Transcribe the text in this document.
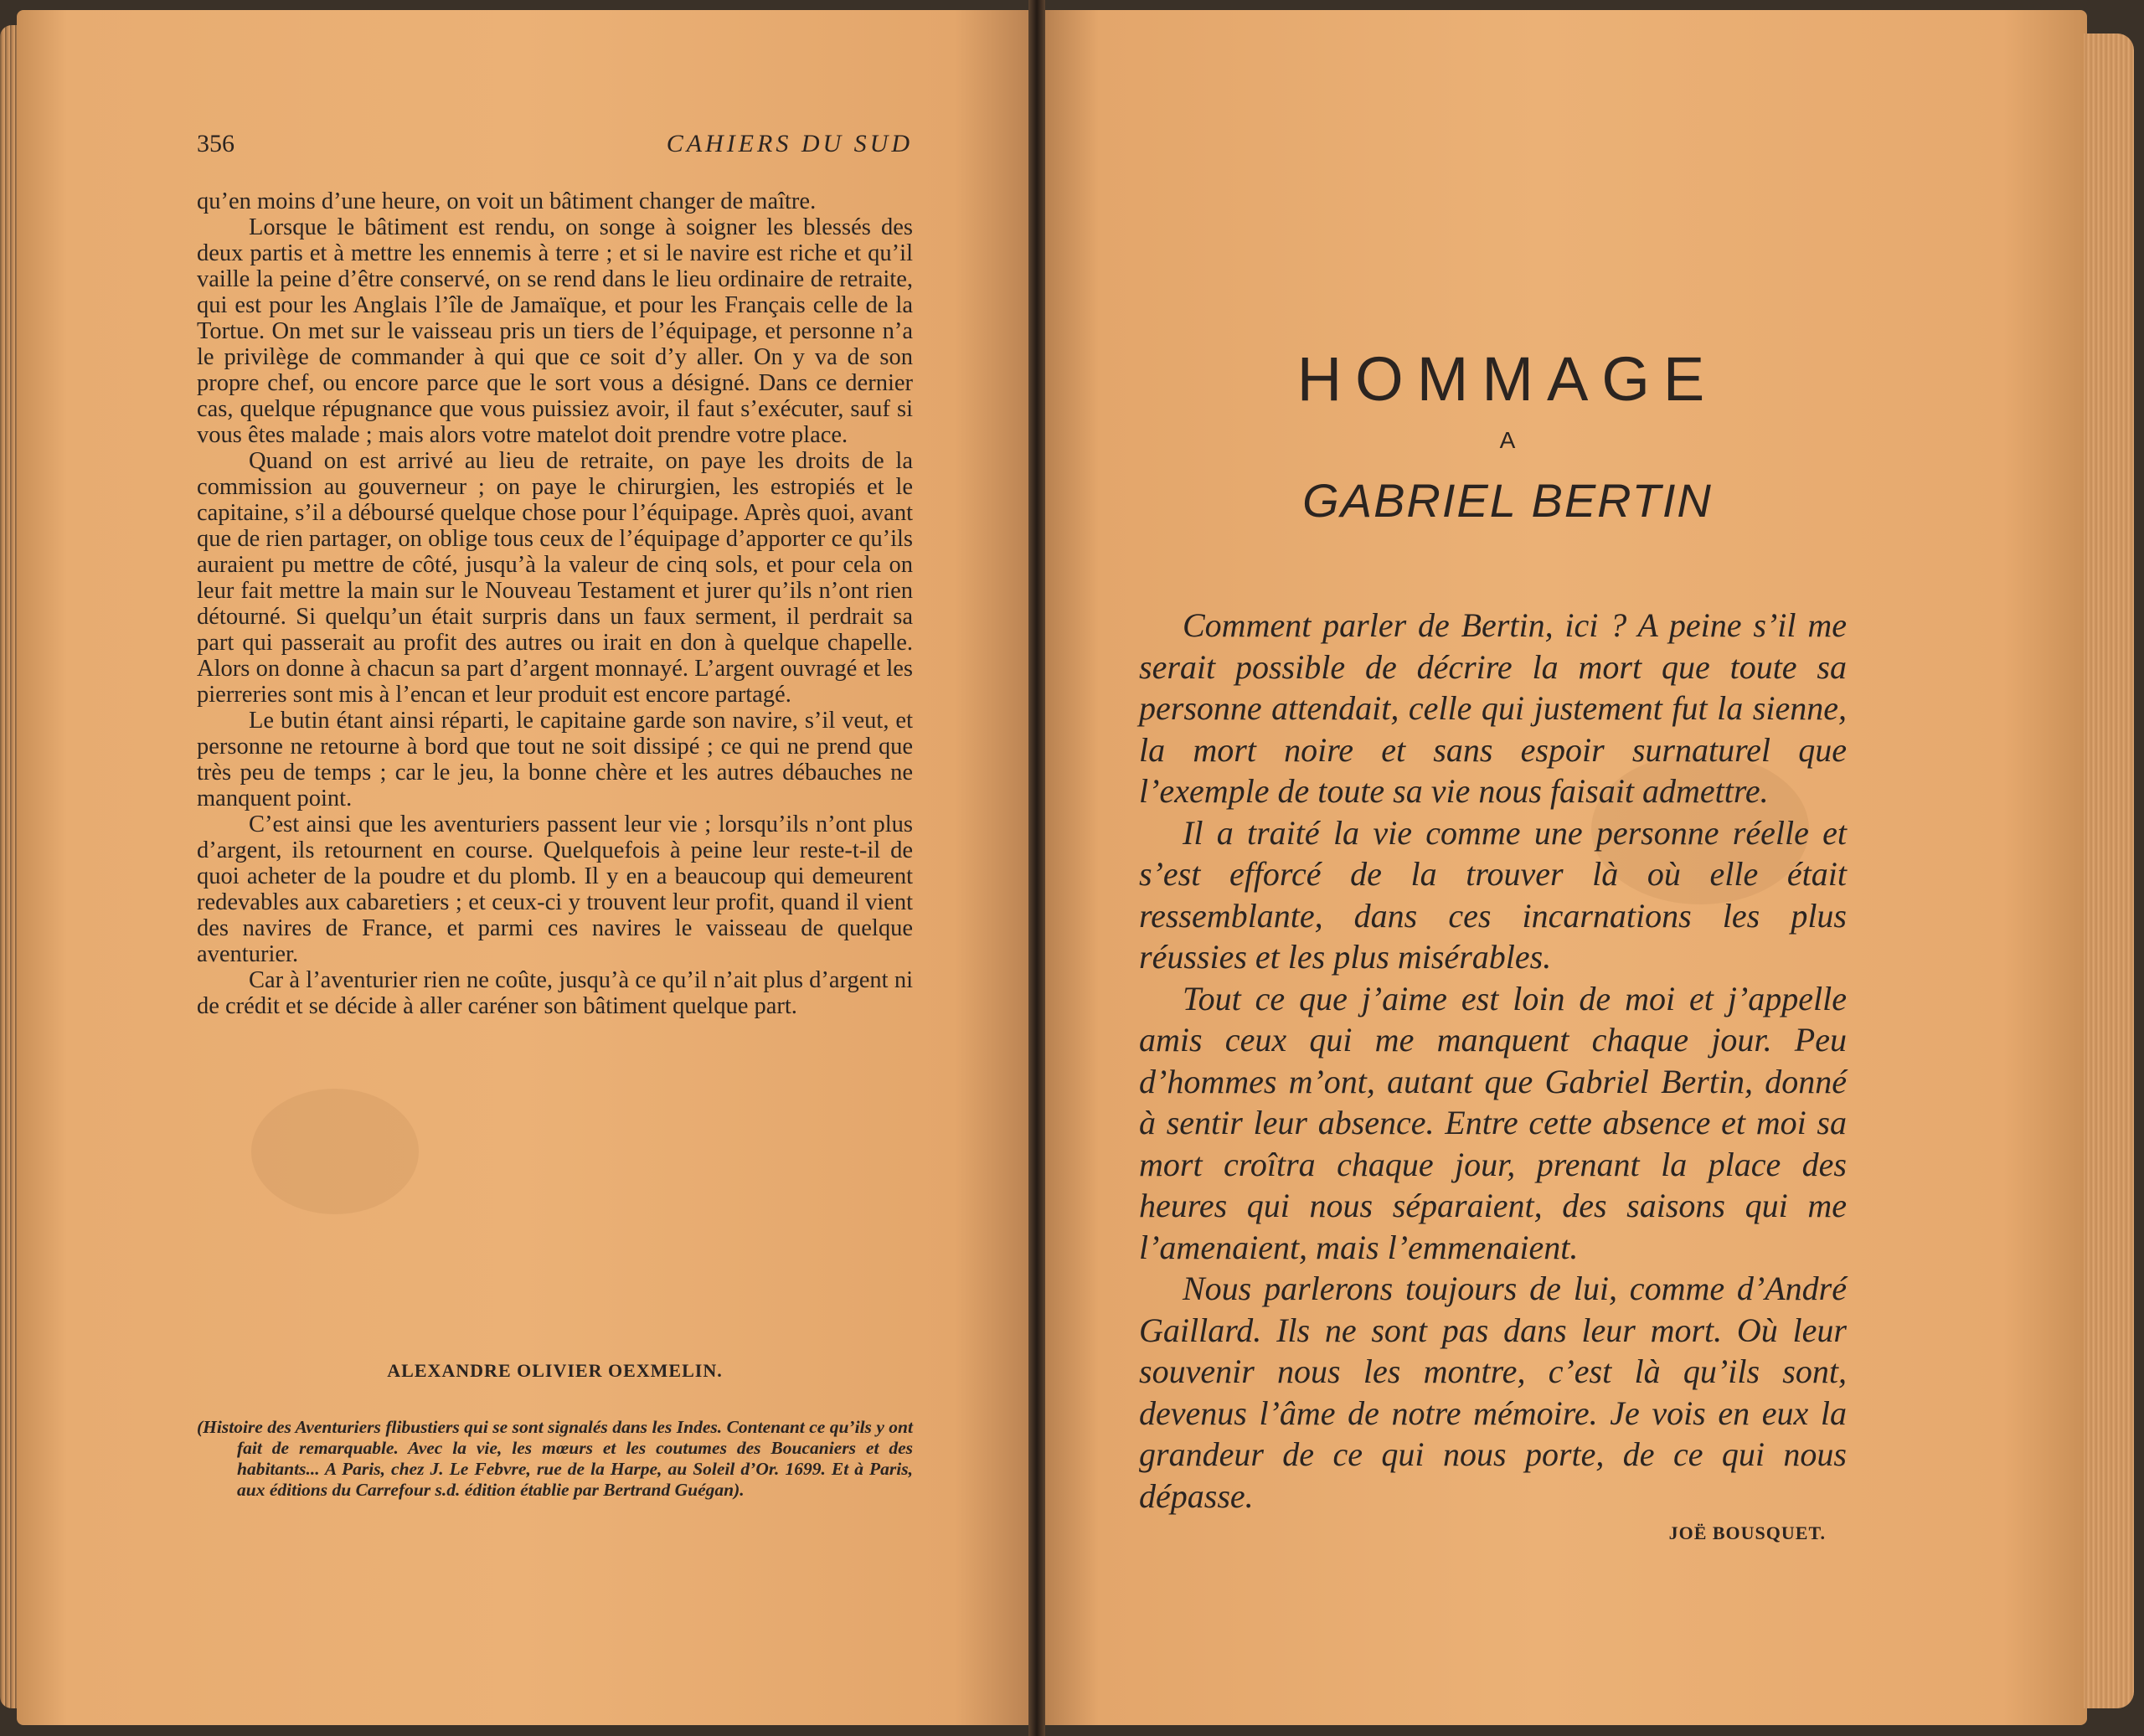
356	CAHIERS DU SUD

qu’en moins d’une heure, on voit un bâtiment changer de maître.

Lorsque le bâtiment est rendu, on songe à soigner les blessés des deux partis et à mettre les ennemis à terre ; et si le navire est riche et qu’il vaille la peine d’être conservé, on se rend dans le lieu ordinaire de retraite, qui est pour les Anglais l’île de Jamaïque, et pour les Français celle de la Tortue. On met sur le vaisseau pris un tiers de l’équipage, et personne n’a le privilège de commander à qui que ce soit d’y aller. On y va de son propre chef, ou encore parce que le sort vous a désigné. Dans ce dernier cas, quelque répugnance que vous puissiez avoir, il faut s’exécuter, sauf si vous êtes malade ; mais alors votre matelot doit prendre votre place.

Quand on est arrivé au lieu de retraite, on paye les droits de la commission au gouverneur ; on paye le chirurgien, les estropiés et le capitaine, s’il a déboursé quelque chose pour l’équipage. Après quoi, avant que de rien partager, on oblige tous ceux de l’équipage d’apporter ce qu’ils auraient pu mettre de côté, jusqu’à la valeur de cinq sols, et pour cela on leur fait mettre la main sur le Nouveau Testament et jurer qu’ils n’ont rien détourné. Si quelqu’un était surpris dans un faux serment, il perdrait sa part qui passerait au profit des autres ou irait en don à quelque chapelle. Alors on donne à chacun sa part d’argent monnayé. L’argent ouvragé et les pierreries sont mis à l’encan et leur produit est encore partagé.

Le butin étant ainsi réparti, le capitaine garde son navire, s’il veut, et personne ne retourne à bord que tout ne soit dissipé ; ce qui ne prend que très peu de temps ; car le jeu, la bonne chère et les autres débauches ne manquent point.

C’est ainsi que les aventuriers passent leur vie ; lorsqu’ils n’ont plus d’argent, ils retournent en course. Quelquefois à peine leur reste-t-il de quoi acheter de la poudre et du plomb. Il y en a beaucoup qui demeurent redevables aux cabaretiers ; et ceux-ci y trouvent leur profit, quand il vient des navires de France, et parmi ces navires le vaisseau de quelque aventurier.

Car à l’aventurier rien ne coûte, jusqu’à ce qu’il n’ait plus d’argent ni de crédit et se décide à aller caréner son bâtiment quelque part.

ALEXANDRE OLIVIER OEXMELIN.
(Histoire des Aventuriers flibustiers qui se sont signalés dans les Indes. Contenant ce qu’ils y ont fait de remarquable. Avec la vie, les mœurs et les coutumes des Boucaniers et des habitants... A Paris, chez J. Le Febvre, rue de la Harpe, au Soleil d’Or. 1699. Et à Paris, aux éditions du Carrefour s.d. édition établie par Bertrand Guégan).
HOMMAGE
A
GABRIEL BERTIN

Comment parler de Bertin, ici ? A peine s’il me serait possible de décrire la mort que toute sa personne attendait, celle qui justement fut la sienne, la mort noire et sans espoir surnaturel que l’exemple de toute sa vie nous faisait admettre.

Il a traité la vie comme une personne réelle et s’est efforcé de la trouver là où elle était ressemblante, dans ces incarnations les plus réussies et les plus misérables.

Tout ce que j’aime est loin de moi et j’appelle amis ceux qui me manquent chaque jour. Peu d’hommes m’ont, autant que Gabriel Bertin, donné à sentir leur absence. Entre cette absence et moi sa mort croîtra chaque jour, prenant la place des heures qui nous séparaient, des saisons qui me l’amenaient, mais l’emmenaient.

Nous parlerons toujours de lui, comme d’André Gaillard. Ils ne sont pas dans leur mort. Où leur souvenir nous les montre, c’est là qu’ils sont, devenus l’âme de notre mémoire. Je vois en eux la grandeur de ce qui nous porte, de ce qui nous dépasse.

JOË BOUSQUET.
